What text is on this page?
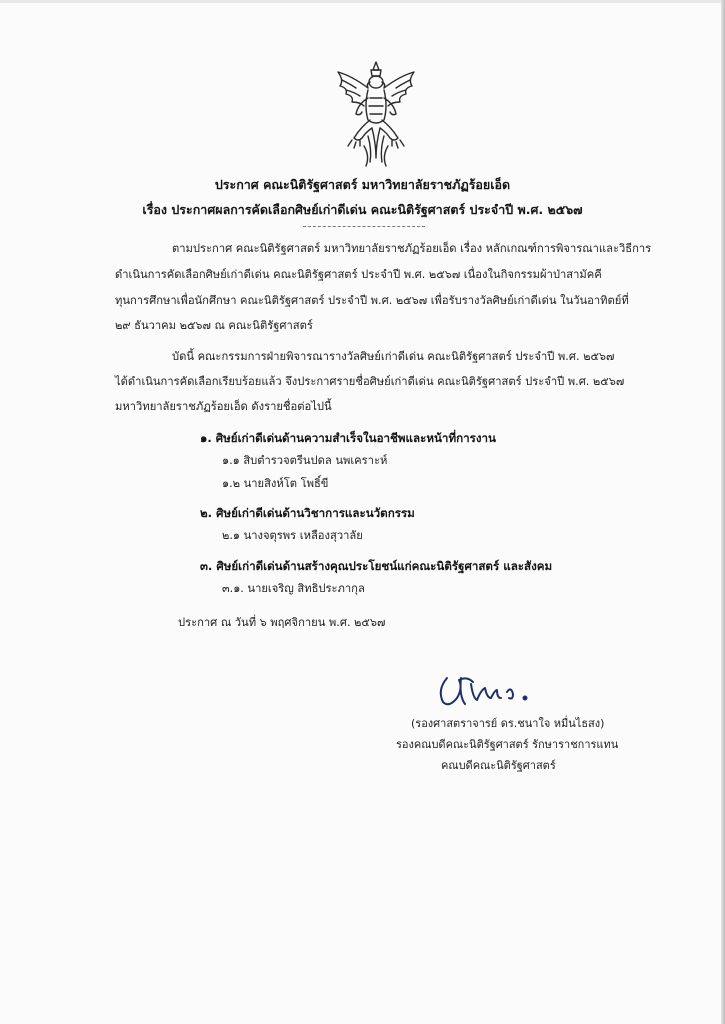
ประกาศ คณะนิติรัฐศาสตร์ มหาวิทยาลัยราชภัฏร้อยเอ็ด
เรื่อง ประกาศผลการคัดเลือกศิษย์เก่าดีเด่น คณะนิติรัฐศาสตร์ ประจำปี พ.ศ. ๒๕๖๗
ตามประกาศ คณะนิติรัฐศาสตร์ มหาวิทยาลัยราชภัฏร้อยเอ็ด เรื่อง หลักเกณฑ์การพิจารณาและวิธีการ
ดำเนินการคัดเลือกศิษย์เก่าดีเด่น คณะนิติรัฐศาสตร์ ประจำปี พ.ศ. ๒๕๖๗ เนื่องในกิจกรรมผ้าป่าสามัคคี
ทุนการศึกษาเพื่อนักศึกษา คณะนิติรัฐศาสตร์ ประจำปี พ.ศ. ๒๕๖๗ เพื่อรับรางวัลศิษย์เก่าดีเด่น ในวันอาทิตย์ที่
๒๙ ธันวาคม ๒๕๖๗ ณ คณะนิติรัฐศาสตร์
บัดนี้ คณะกรรมการฝ่ายพิจารณารางวัลศิษย์เก่าดีเด่น คณะนิติรัฐศาสตร์ ประจำปี พ.ศ. ๒๕๖๗
ได้ดำเนินการคัดเลือกเรียบร้อยแล้ว จึงประกาศรายชื่อศิษย์เก่าดีเด่น คณะนิติรัฐศาสตร์ ประจำปี พ.ศ. ๒๕๖๗
มหาวิทยาลัยราชภัฏร้อยเอ็ด ดังรายชื่อต่อไปนี้
๑. ศิษย์เก่าดีเด่นด้านความสำเร็จในอาชีพและหน้าที่การงาน
๑.๑ สิบตำรวจตรีนปดล นพเคราะห์
๑.๒ นายสิงห์โต โพธิ์ขี
๒. ศิษย์เก่าดีเด่นด้านวิชาการและนวัตกรรม
๒.๑ นางจตุรพร เหลืองสุวาลัย
๓. ศิษย์เก่าดีเด่นด้านสร้างคุณประโยชน์แก่คณะนิติรัฐศาสตร์ และสังคม
๓.๑. นายเจริญ สิทธิประภากุล
ประกาศ ณ วันที่ ๖ พฤศจิกายน พ.ศ. ๒๕๖๗
(รองศาสตราจารย์ ดร.ชนาใจ หมื่นไธสง)
รองคณบดีคณะนิติรัฐศาสตร์ รักษาราชการแทน
คณบดีคณะนิติรัฐศาสตร์
